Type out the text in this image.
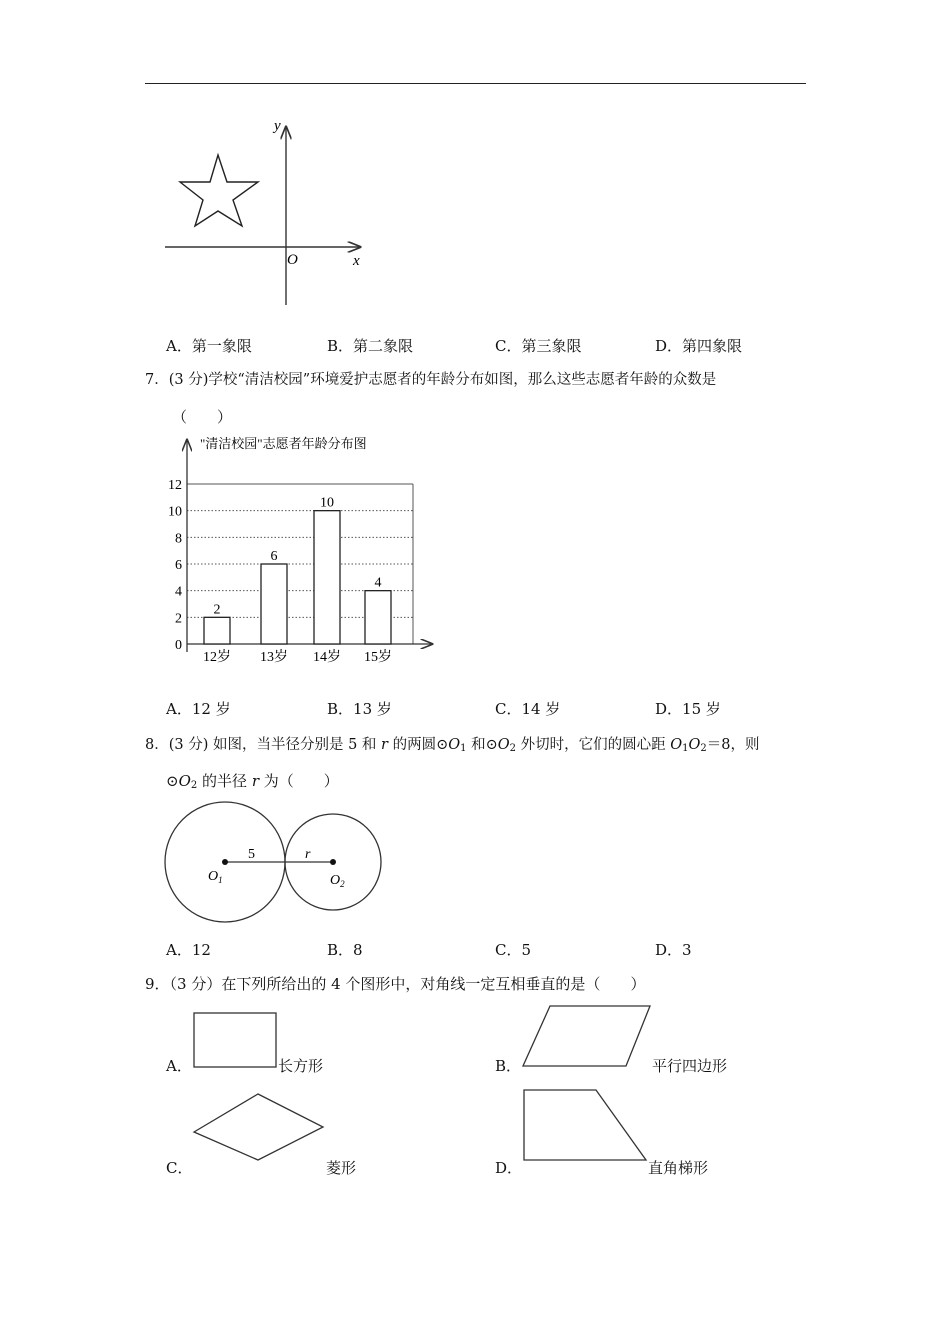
y
x
O
A．第一象限	B．第二象限	C．第三象限	D．第四象限
7．(3 分)学校“清洁校园”环境爱护志愿者的年龄分布如图，那么这些志愿者年龄的众数是
（　　）
"清洁校园"志愿者年龄分布图
0
2
4
6
8
10
12
2
12岁
6
13岁
10
14岁
4
15岁
A．12 岁	B．13 岁	C．14 岁	D．15 岁
8．(3 分) 如图，当半径分别是 5 和 r 的两圆$⊙O_1$ 和$⊙O_2$ 外切时，它们的圆心距 $O_1O_2=8$，则
$⊙O_2$ 的半径 r 为（　　）
5	r
$O_1$	$O_2$
A．12	B．8	C．5	D．3
9．（3 分）在下列所给出的 4 个图形中，对角线一定互相垂直的是（　　）
A．	长方形	B．	平行四边形
C．	菱形	D．	直角梯形
